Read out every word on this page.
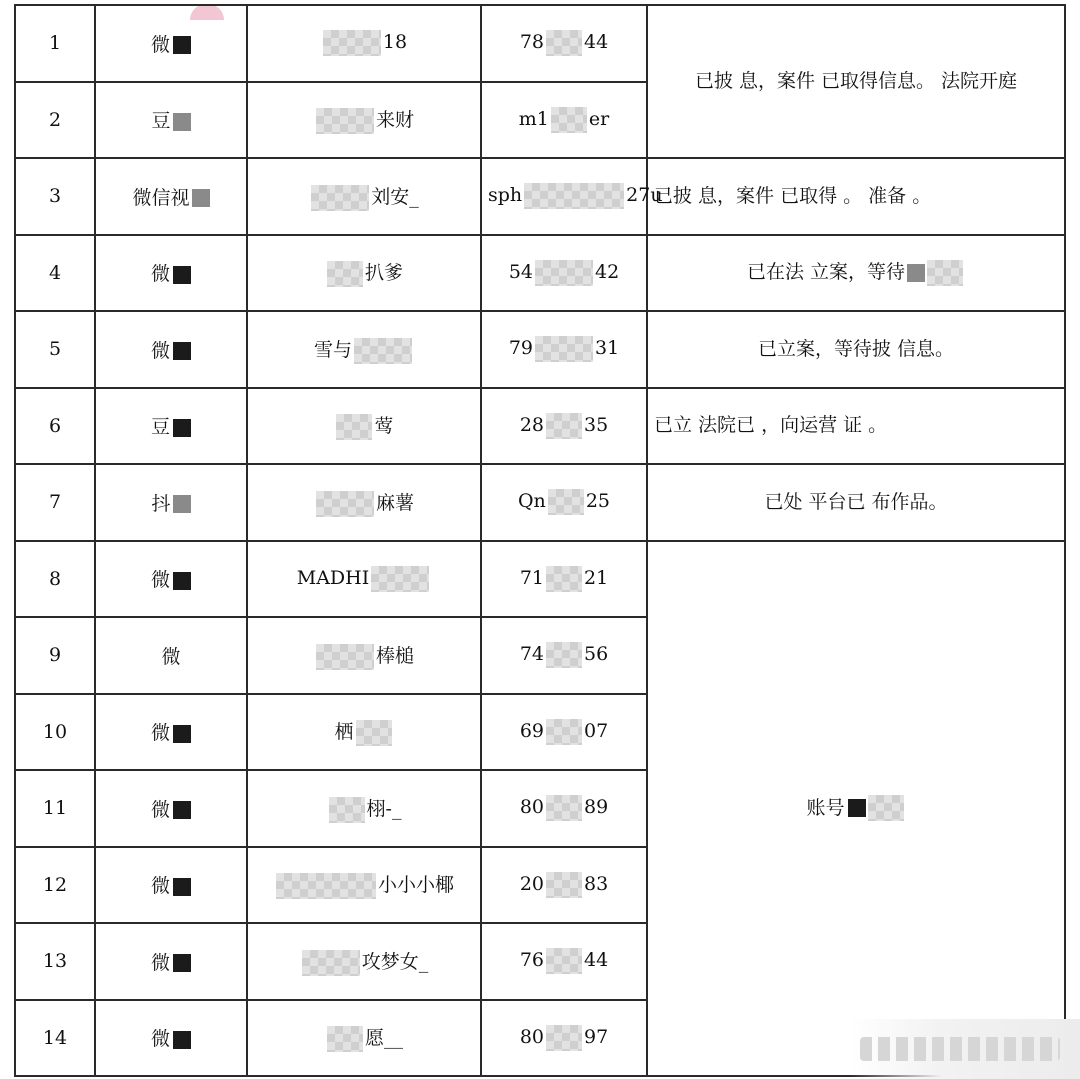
1	微	18	78 44	已披 息，案件 已取得信息。 法院开庭
2	豆	来财	m1 er	
3	微信视	刘安_	sph 27u	已披 息，案件 已取得 。 准备 。
4	微	扒爹	54 42	已在法 立案，等待
5	微	雪与	79 31	已立案，等待披 信息。
6	豆	莺	28 35	已立 法院已 ，向运营 证 。
7	抖	麻薯	Qn 25	已处 平台已 布作品。
8	微	MADHI	71 21	账号
9	微	棒槌	74 56	
10	微	栖	69 07	
11	微	栩-_	80 89	
12	微	小小小椰	20 83	
13	微	攻梦女_	76 44	
14	微	愿__	80 97	
